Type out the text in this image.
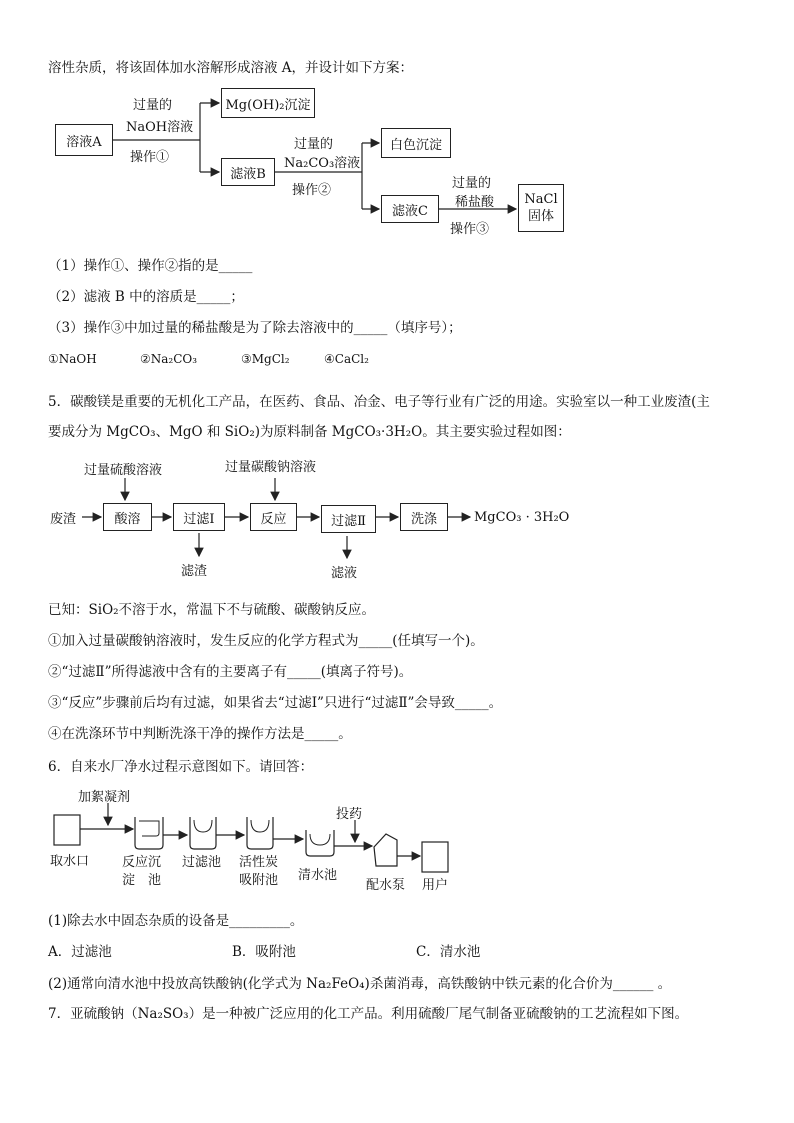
溶性杂质，将该固体加水溶解形成溶液 A，并设计如下方案：
溶液A
过量的
NaOH溶液
操作①
Mg(OH)₂沉淀
滤液B
过量的
Na₂CO₃溶液
操作②
白色沉淀
滤液C
过量的
稀盐酸
操作③
NaCl
固体
（1）操作①、操作②指的是_____
（2）滤液 B 中的溶质是_____；
（3）操作③中加过量的稀盐酸是为了除去溶液中的_____（填序号）；
①NaOH	②Na₂CO₃	③MgCl₂	④CaCl₂
5．碳酸镁是重要的无机化工产品，在医药、食品、冶金、电子等行业有广泛的用途。实验室以一种工业废渣(主
要成分为 MgCO₃、MgO 和 SiO₂)为原料制备 MgCO₃·3H₂O。其主要实验过程如图：
过量硫酸溶液	过量碳酸钠溶液
废渣	酸溶	过滤Ⅰ	反应	过滤Ⅱ	洗涤	MgCO₃ · 3H₂O
滤渣	滤液
已知：SiO₂不溶于水，常温下不与硫酸、碳酸钠反应。
①加入过量碳酸钠溶液时，发生反应的化学方程式为_____(任填写一个)。
②“过滤Ⅱ”所得滤液中含有的主要离子有_____(填离子符号)。
③“反应”步骤前后均有过滤，如果省去“过滤Ⅰ”只进行“过滤Ⅱ”会导致_____。
④在洗涤环节中判断洗涤干净的操作方法是_____。
6．自来水厂净水过程示意图如下。请回答：
加絮凝剂
投药
取水口	反应沉
淀　池
过滤池 活性炭
吸附池 清水池
配水泵 用户
(1)除去水中固态杂质的设备是_________。
A．过滤池	B．吸附池	C．清水池
(2)通常向清水池中投放高铁酸钠(化学式为 Na₂FeO₄)杀菌消毒，高铁酸钠中铁元素的化合价为______ 。
7．亚硫酸钠（Na₂SO₃）是一种被广泛应用的化工产品。利用硫酸厂尾气制备亚硫酸钠的工艺流程如下图。
